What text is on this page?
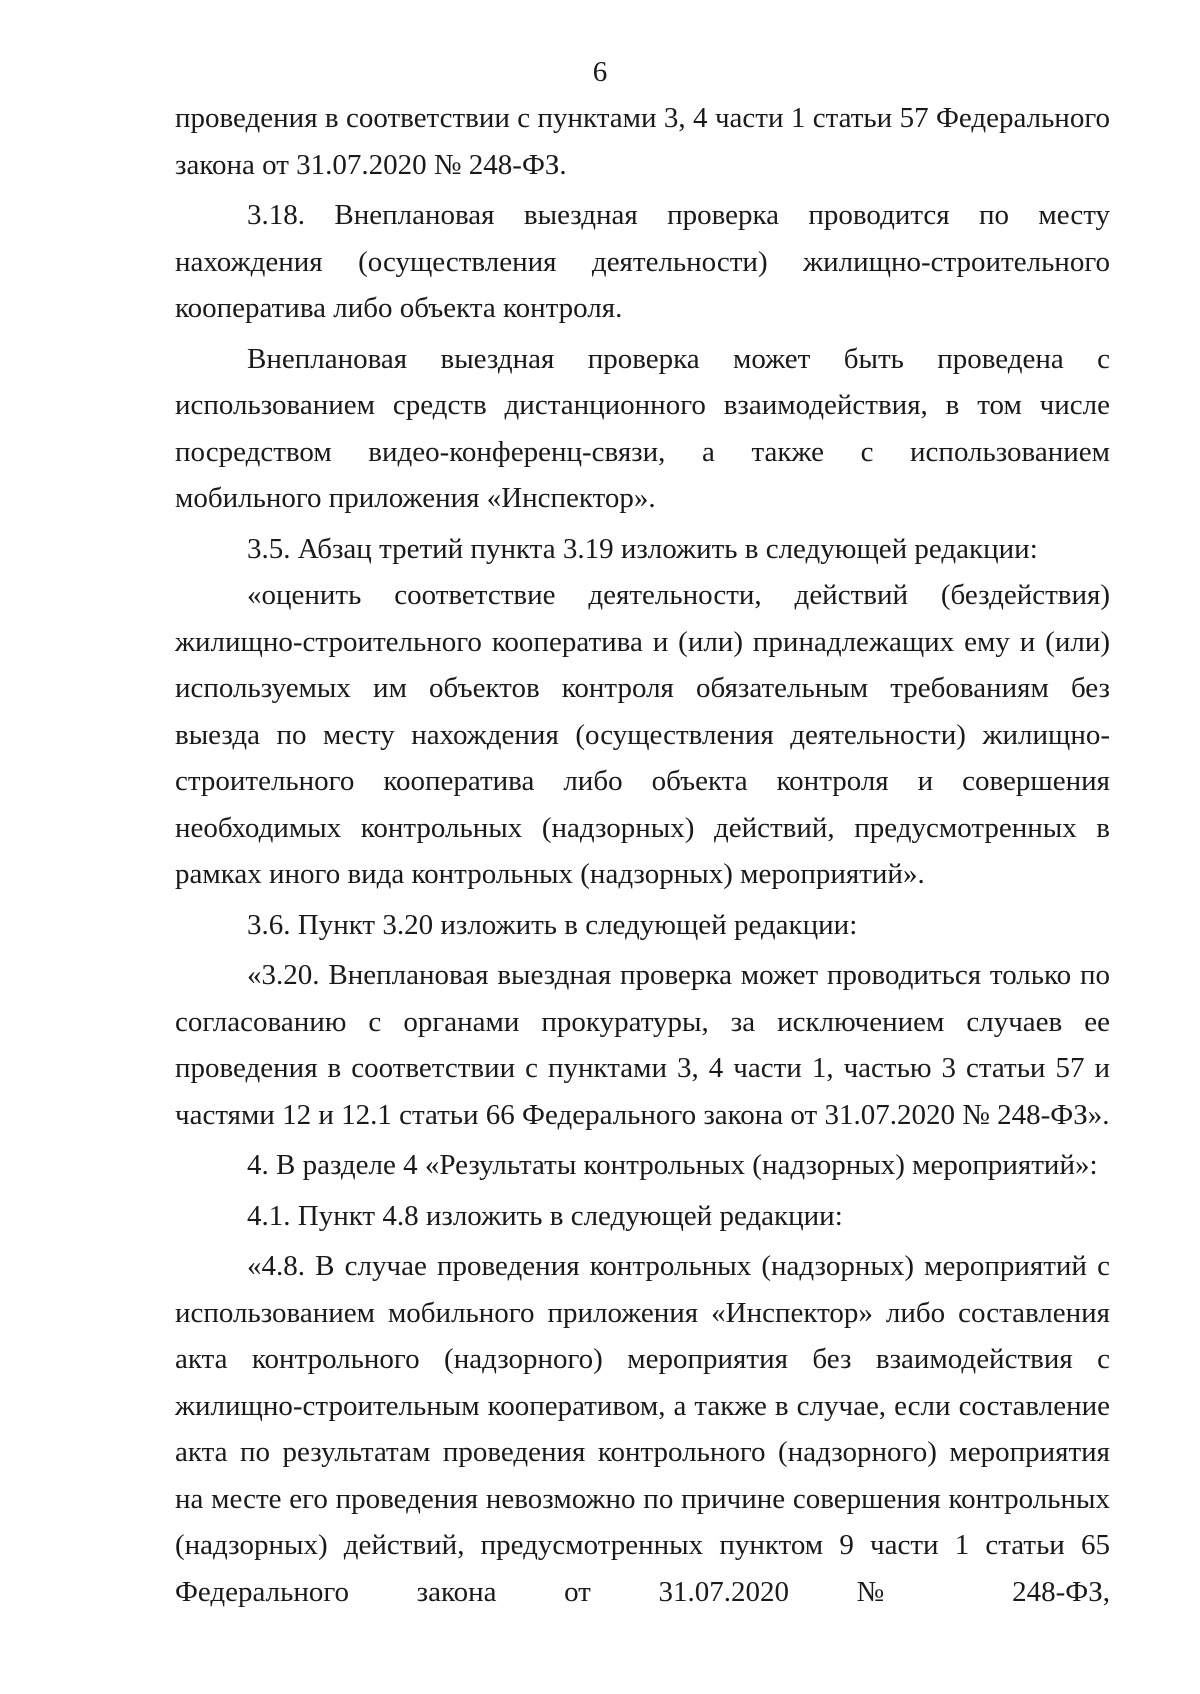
6

проведения в соответствии с пунктами 3, 4 части 1 статьи 57 Федерального закона от 31.07.2020 № 248-ФЗ.

3.18. Внеплановая выездная проверка проводится по месту нахождения (осуществления деятельности) жилищно-строительного кооператива либо объекта контроля.

Внеплановая выездная проверка может быть проведена с использованием средств дистанционного взаимодействия, в том числе посредством видео-конференц-связи, а также с использованием мобильного приложения «Инспектор».

3.5. Абзац третий пункта 3.19 изложить в следующей редакции:

«оценить соответствие деятельности, действий (бездействия) жилищно-строительного кооператива и (или) принадлежащих ему и (или) используемых им объектов контроля обязательным требованиям без выезда по месту нахождения (осуществления деятельности) жилищно-строительного кооператива либо объекта контроля и совершения необходимых контрольных (надзорных) действий, предусмотренных в рамках иного вида контрольных (надзорных) мероприятий».

3.6. Пункт 3.20 изложить в следующей редакции:

«3.20. Внеплановая выездная проверка может проводиться только по согласованию с органами прокуратуры, за исключением случаев ее проведения в соответствии с пунктами 3, 4 части 1, частью 3 статьи 57 и частями 12 и 12.1 статьи 66 Федерального закона от 31.07.2020 № 248-ФЗ».

4. В разделе 4 «Результаты контрольных (надзорных) мероприятий»:

4.1. Пункт 4.8 изложить в следующей редакции:

«4.8. В случае проведения контрольных (надзорных) мероприятий с использованием мобильного приложения «Инспектор» либо составления акта контрольного (надзорного) мероприятия без взаимодействия с жилищно-строительным кооперативом, а также в случае, если составление акта по результатам проведения контрольного (надзорного) мероприятия на месте его проведения невозможно по причине совершения контрольных (надзорных) действий, предусмотренных пунктом 9 части 1 статьи 65 Федерального закона от 31.07.2020 № 248-ФЗ,
